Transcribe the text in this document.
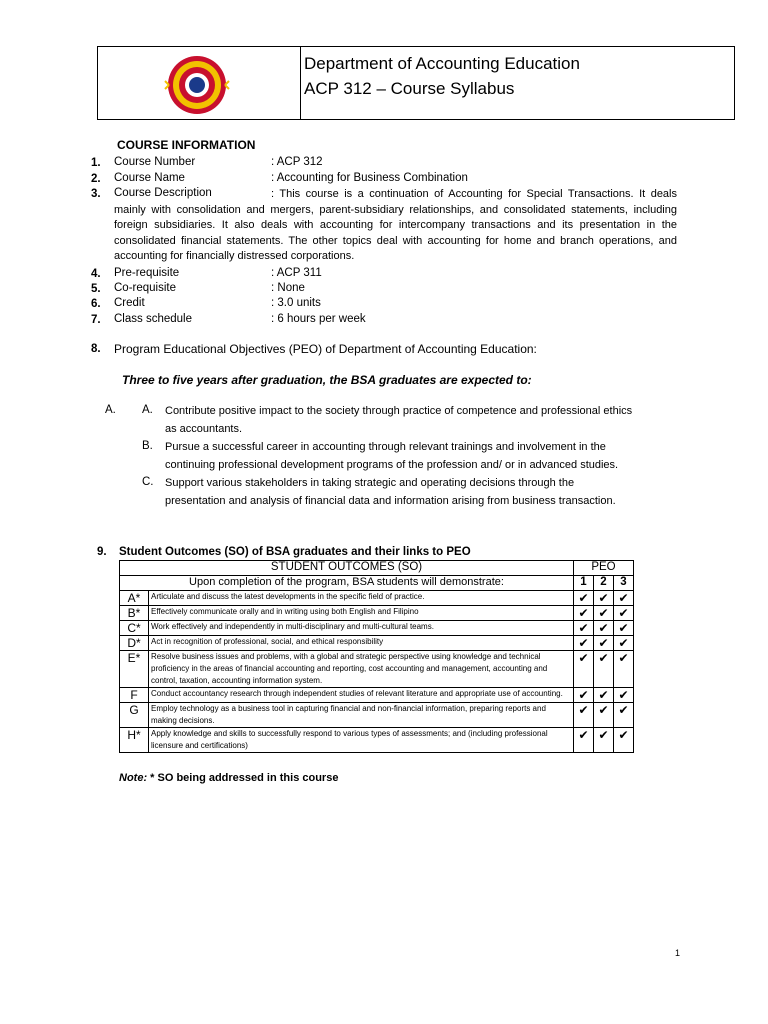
Department of Accounting Education
ACP 312 – Course Syllabus
COURSE INFORMATION
1. Course Number	: ACP 312
2. Course Name	: Accounting for Business Combination
3. Course Description	: This course is a continuation of Accounting for Special Transactions. It deals mainly with consolidation and mergers, parent-subsidiary relationships, and consolidated statements, including foreign subsidiaries. It also deals with accounting for intercompany transactions and its presentation in the consolidated financial statements. The other topics deal with accounting for home and branch operations, and accounting for financially distressed corporations.
4. Pre-requisite	: ACP 311
5. Co-requisite	: None
6. Credit	: 3.0 units
7. Class schedule	: 6 hours per week
8. Program Educational Objectives (PEO) of Department of Accounting Education:
Three to five years after graduation, the BSA graduates are expected to:
A. A. Contribute positive impact to the society through practice of competence and professional ethics as accountants.
B. Pursue a successful career in accounting through relevant trainings and involvement in the continuing professional development programs of the profession and/ or in advanced studies.
C. Support various stakeholders in taking strategic and operating decisions through the presentation and analysis of financial data and information arising from business transaction.
9. Student Outcomes (SO) of BSA graduates and their links to PEO
STUDENT OUTCOMES (SO)		PEO		
Upon completion of the program, BSA students will demonstrate:		1	2	3
A*	Articulate and discuss the latest developments in the specific field of practice.	✔	✔	✔
B*	Effectively communicate orally and in writing using both English and Filipino	✔	✔	✔
C*	Work effectively and independently in multi-disciplinary and multi-cultural teams.	✔	✔	✔
D*	Act in recognition of professional, social, and ethical responsibility	✔	✔	✔
E*	Resolve business issues and problems, with a global and strategic perspective using knowledge and technical proficiency in the areas of financial accounting and reporting, cost accounting and management, accounting and control, taxation, accounting information system.	✔	✔	✔
F	Conduct accountancy research through independent studies of relevant literature and appropriate use of accounting.	✔	✔	✔
G	Employ technology as a business tool in capturing financial and non-financial information, preparing reports and making decisions.	✔	✔	✔
H*	Apply knowledge and skills to successfully respond to various types of assessments; and (including professional licensure and certifications)	✔	✔	✔
Note: * SO being addressed in this course
1
